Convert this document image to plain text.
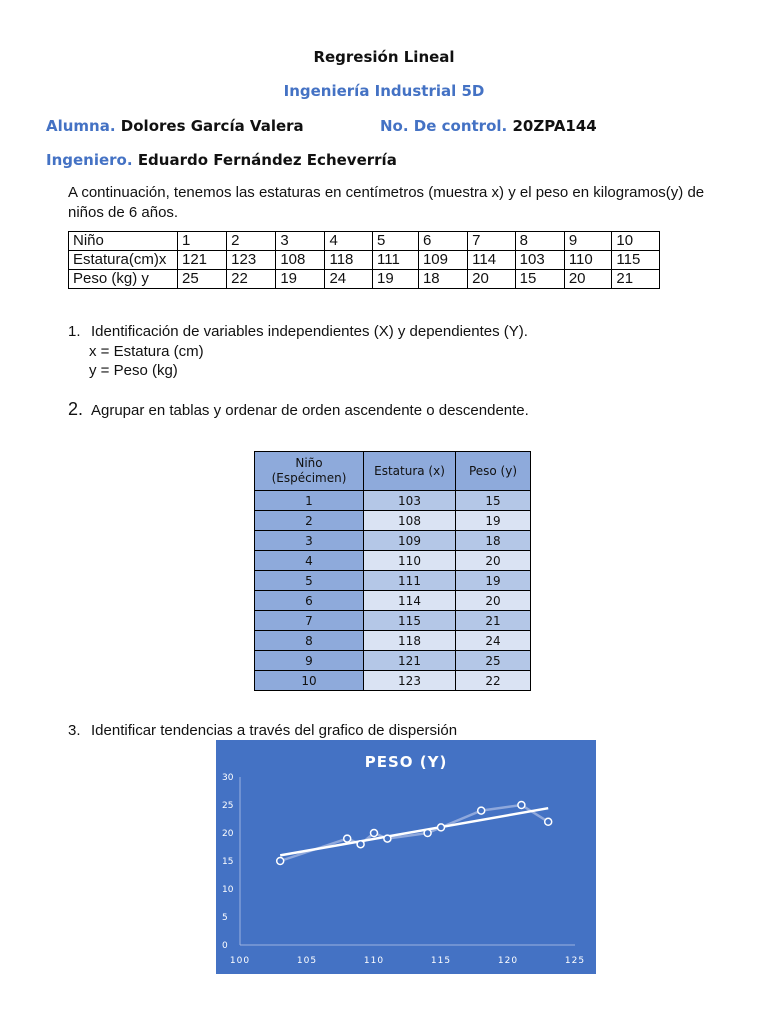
Regresión Lineal
Ingeniería Industrial 5D
Alumna. Dolores García Valera	No. De control. 20ZPA144
Ingeniero. Eduardo Fernández Echeverría
A continuación, tenemos las estaturas en centímetros (muestra x) y el peso en kilogramos(y) de niños de 6 años.
Niño	1	2	3	4	5	6	7	8	9	10
Estatura(cm)x	121	123	108	118	111	109	114	103	110	115
Peso (kg) y	25	22	19	24	19	18	20	15	20	21
1. Identificación de variables independientes (X) y dependientes (Y).
x = Estatura (cm)
y = Peso (kg)
2. Agrupar en tablas y ordenar de orden ascendente o descendente.
Niño (Espécimen)	Estatura (x)	Peso (y)
1	103	15
2	108	19
3	109	18
4	110	20
5	111	19
6	114	20
7	115	21
8	118	24
9	121	25
10	123	22
3. Identificar tendencias a través del grafico de dispersión
PESO (Y)
0
5
10
15
20
25
30
100	105	110	115	120	125
